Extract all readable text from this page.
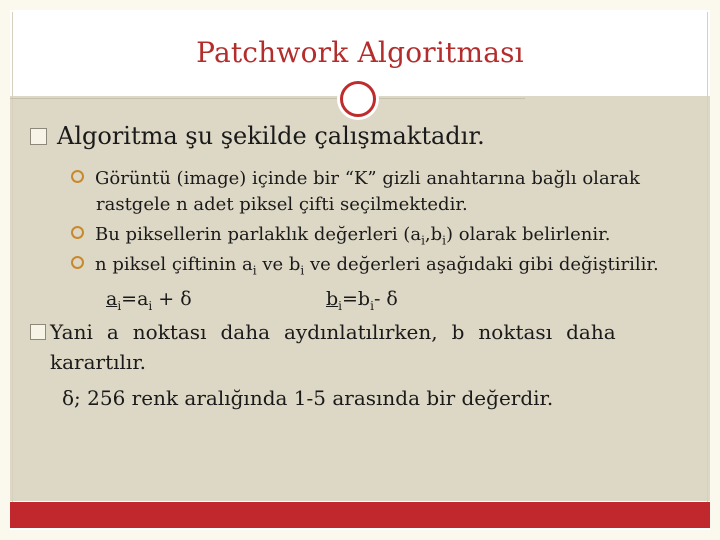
Patchwork Algoritması
Algoritma şu şekilde çalışmaktadır.
Görüntü (image) içinde bir “K” gizli anahtarına bağlı olarak
rastgele n adet piksel çifti seçilmektedir.
Bu piksellerin parlaklık değerleri $(a_i,b_i)$ olarak belirlenir.
n piksel çiftinin $a_i$ ve $b_i$ ve değerleri aşağıdaki gibi değiştirilir.
$a_i=a_i + \delta$	$b_i=b_i-$ δ
Yani a noktası daha aydınlatılırken, b noktası daha
karartılır.
δ; 256 renk aralığında 1-5 arasında bir değerdir.
